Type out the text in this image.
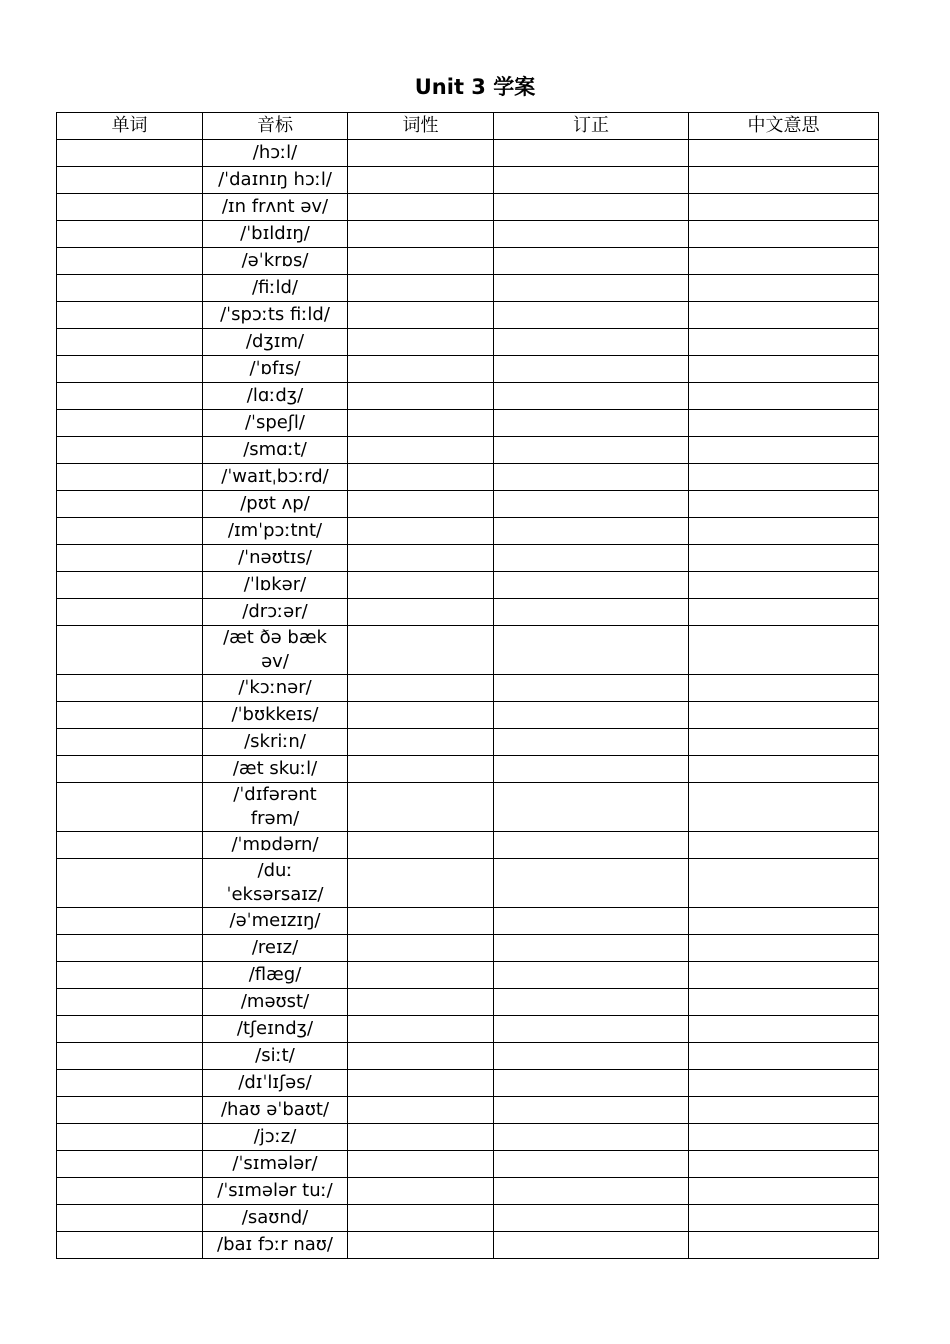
Unit 3 学案
单词	音标	词性	订正	中文意思
	/hɔːl/			
	/ˈdaɪnɪŋ hɔːl/			
	/ɪn frʌnt əv/			
	/ˈbɪldɪŋ/			
	/əˈkrɒs/			
	/fiːld/			
	/ˈspɔːts fiːld/			
	/dʒɪm/			
	/ˈɒfɪs/			
	/lɑːdʒ/			
	/ˈspeʃl/			
	/smɑːt/			
	/ˈwaɪtˌbɔːrd/			
	/pʊt ʌp/			
	/ɪmˈpɔːtnt/			
	/ˈnəʊtɪs/			
	/ˈlɒkər/			
	/drɔːər/			
	/æt ðə bæk əv/			
	/ˈkɔːnər/			
	/ˈbʊkkeɪs/			
	/skriːn/			
	/æt skuːl/			
	/ˈdɪfərənt frəm/			
	/ˈmɒdərn/			
	/duː ˈeksərsaɪz/			
	/əˈmeɪzɪŋ/			
	/reɪz/			
	/flæg/			
	/məʊst/			
	/tʃeɪndʒ/			
	/siːt/			
	/dɪˈlɪʃəs/			
	/haʊ əˈbaʊt/			
	/jɔːz/			
	/ˈsɪmələr/			
	/ˈsɪmələr tuː/			
	/saʊnd/			
	/baɪ fɔːr naʊ/			
